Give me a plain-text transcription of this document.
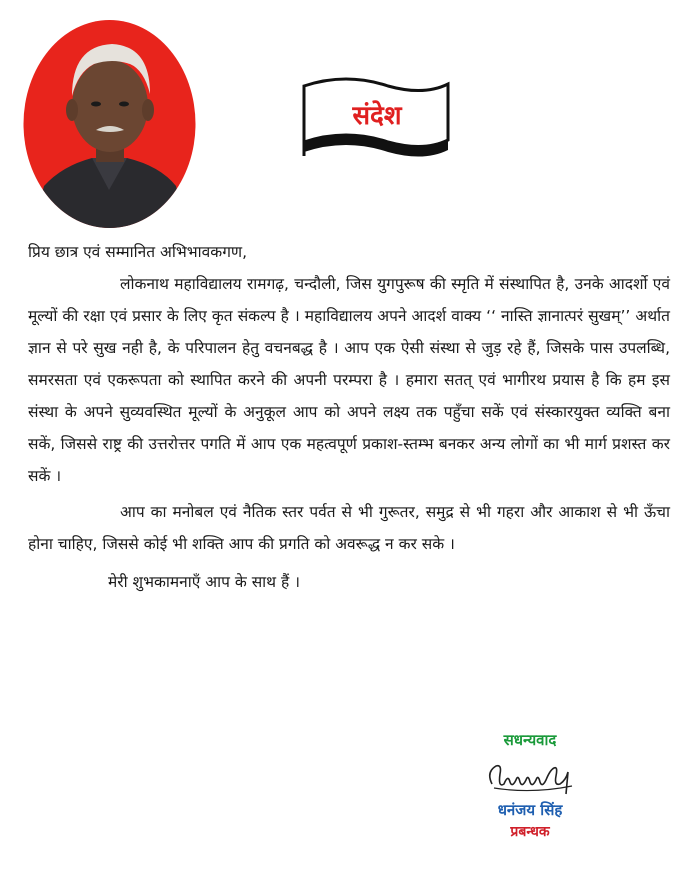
संदेश

प्रिय छात्र एवं सम्मानित अभिभावकगण,

लोकनाथ महाविद्यालय रामगढ़, चन्दौली, जिस युगपुरूष की स्मृति में संस्थापित है, उनके आदर्शो एवं मूल्यों की रक्षा एवं प्रसार के लिए कृत संकल्प है । महाविद्यालय अपने आदर्श वाक्य ‘‘ नास्ति ज्ञानात्परं सुखम्’’ अर्थात ज्ञान से परे सुख नही है, के परिपालन हेतु वचनबद्ध है । आप एक ऐसी संस्था से जुड़ रहे हैं, जिसके पास उपलब्धि, समरसता एवं एकरूपता को स्थापित करने की अपनी परम्परा है । हमारा सतत् एवं भागीरथ प्रयास है कि हम इस संस्था के अपने सुव्यवस्थित मूल्यों के अनुकूल आप को अपने लक्ष्य तक पहुँचा सकें एवं संस्कारयुक्त व्यक्ति बना सकें, जिससे राष्ट्र की उत्तरोत्तर पगति में आप एक महत्वपूर्ण प्रकाश-स्तम्भ बनकर अन्य लोगों का भी मार्ग प्रशस्त कर सकें ।

आप का मनोबल एवं नैतिक स्तर पर्वत से भी गुरूतर, समुद्र से भी गहरा और आकाश से भी ऊँचा होना चाहिए, जिससे कोई भी शक्ति आप की प्रगति को अवरूद्ध न कर सके ।

मेरी शुभकामनाएँ आप के साथ हैं ।

सधन्यवाद
धनंजय सिंह
प्रबन्धक
